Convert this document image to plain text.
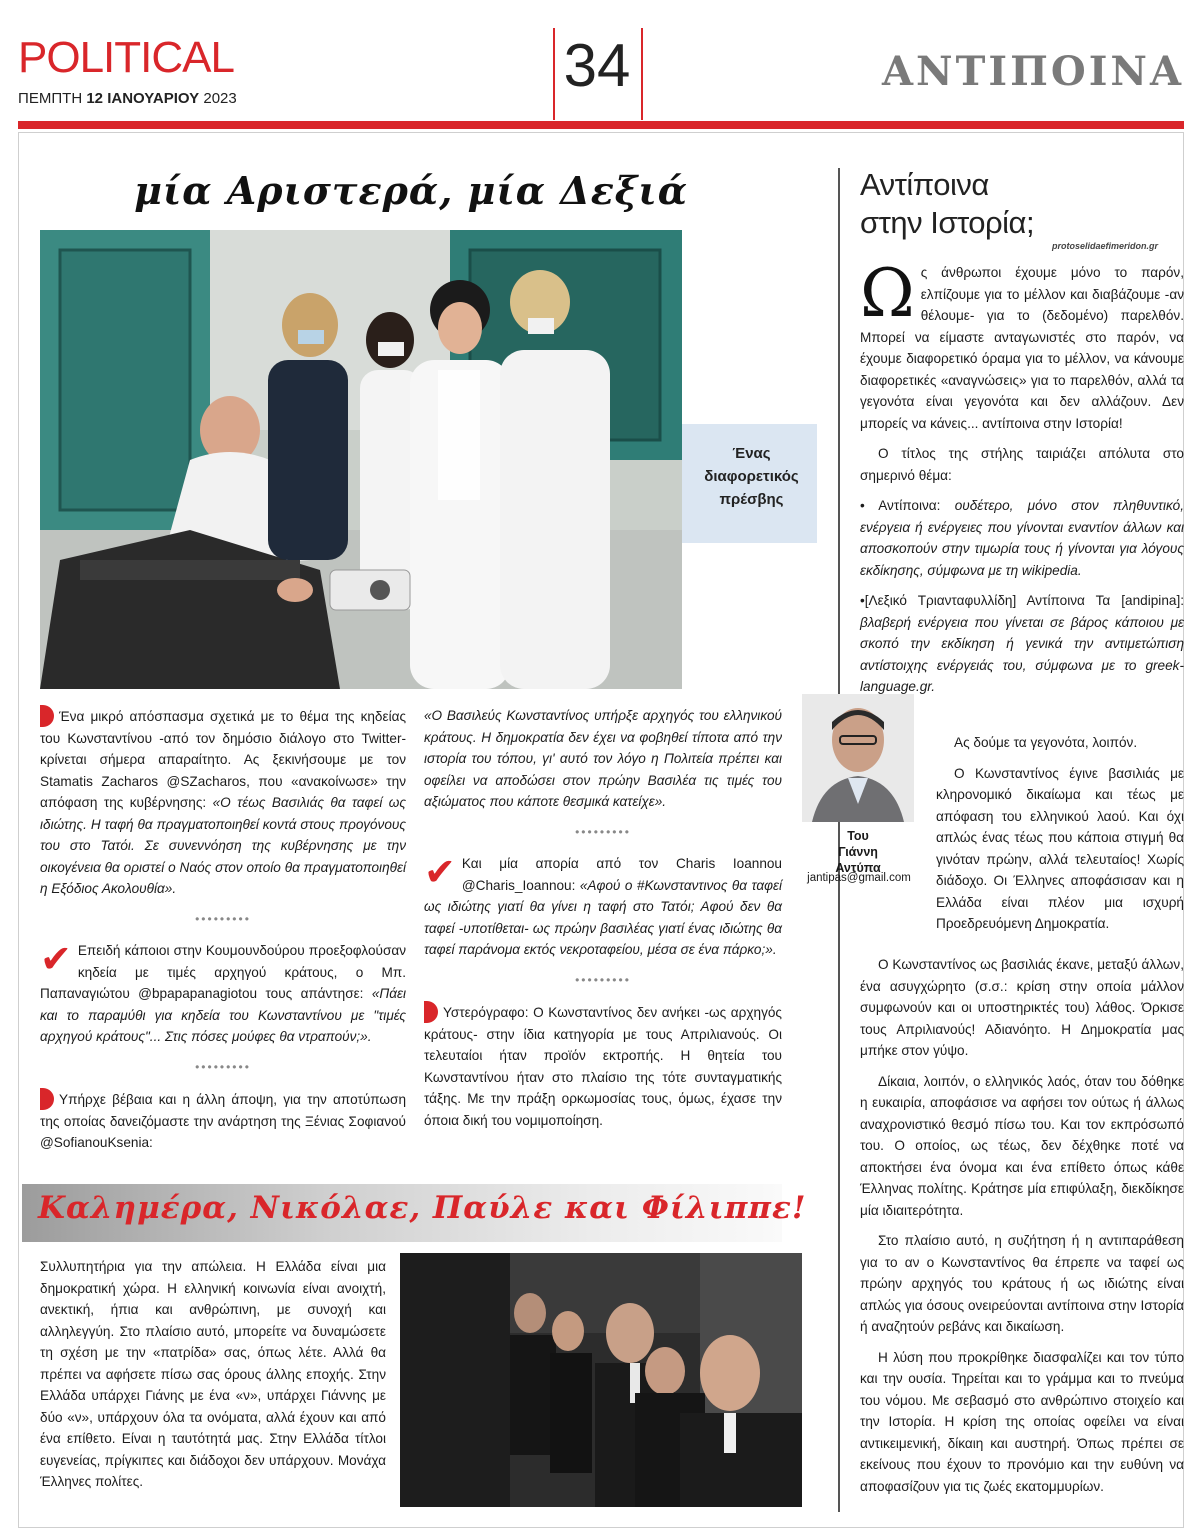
POLITICAL
ΠΕΜΠΤΗ 12 ΙΑΝΟΥΑΡΙΟΥ 2023	34	ΑΝΤΙΠΟΙΝΑ
μία Αριστερά, μία Δεξιά
Ένας διαφορετικός πρέσβης

Ένα μικρό απόσπασμα σχετικά με το θέμα της κηδείας του Κωνσταντίνου -από τον δημόσιο διάλογο στο Twitter- κρίνεται σήμερα απαραίτητο. Ας ξεκινήσουμε με τον Stamatis Zacharos @SZacharos, που «ανακοίνωσε» την απόφαση της κυβέρνησης: «Ο τέως Βασιλιάς θα ταφεί ως ιδιώτης. Η ταφή θα πραγματοποιηθεί κοντά στους προγόνους του στο Τατόι. Σε συνεννόηση της κυβέρνησης με την οικογένεια θα οριστεί ο Ναός στον οποίο θα πραγματοποιηθεί η Εξόδιος Ακολουθία».

•••••••••

✔ Επειδή κάποιοι στην Κουμουνδούρου προεξοφλούσαν κηδεία με τιμές αρχηγού κράτους, ο Μπ. Παπαναγιώτου @bpapapanagiotou τους απάντησε: «Πάει και το παραμύθι για κηδεία του Κωνσταντίνου με "τιμές αρχηγού κράτους"... Στις πόσες μούφες θα ντραπούν;».

•••••••••

Υπήρχε βέβαια και η άλλη άποψη, για την αποτύπωση της οποίας δανειζόμαστε την ανάρτηση της Ξένιας Σοφιανού @SofianouKsenia:

«Ο Βασιλεύς Κωνσταντίνος υπήρξε αρχηγός του ελληνικού κράτους. Η δημοκρατία δεν έχει να φοβηθεί τίποτα από την ιστορία του τόπου, γι' αυτό τον λόγο η Πολιτεία πρέπει και οφείλει να αποδώσει στον πρώην Βασιλέα τις τιμές του αξιώματος που κάποτε θεσμικά κατείχε».

•••••••••

✔ Και μία απορία από τον Charis Ioannou @Charis_Ioannou: «Αφού ο #Κωνσταντινος θα ταφεί ως ιδιώτης γιατί θα γίνει η ταφή στο Τατόι; Αφού δεν θα ταφεί -υποτίθεται- ως πρώην βασιλέας γιατί ένας ιδιώτης θα ταφεί παράνομα εκτός νεκροταφείου, μέσα σε ένα πάρκο;».

•••••••••

Υστερόγραφο: Ο Κωνσταντίνος δεν ανήκει -ως αρχηγός κράτους- στην ίδια κατηγορία με τους Απριλιανούς. Οι τελευταίοι ήταν προϊόν εκτροπής. Η θητεία του Κωνσταντίνου ήταν στο πλαίσιο της τότε συνταγματικής τάξης. Με την πράξη ορκωμοσίας τους, όμως, έχασε την όποια δική του νομιμοποίηση.

Καλημέρα, Νικόλαε, Παύλε και Φίλιππε!

Συλλυπητήρια για την απώλεια. Η Ελλάδα είναι μια δημοκρατική χώρα. Η ελληνική κοινωνία είναι ανοιχτή, ανεκτική, ήπια και ανθρώπινη, με συνοχή και αλληλεγγύη. Στο πλαίσιο αυτό, μπορείτε να δυναμώσετε τη σχέση με την «πατρίδα» σας, όπως λέτε. Αλλά θα πρέπει να αφήσετε πίσω σας όρους άλλης εποχής. Στην Ελλάδα υπάρχει Γιάνης με ένα «ν», υπάρχει Γιάννης με δύο «ν», υπάρχουν όλα τα ονόματα, αλλά έχουν και από ένα επίθετο. Είναι η ταυτότητά μας. Στην Ελλάδα τίτλοι ευγενείας, πρίγκιπες και διάδοχοι δεν υπάρχουν. Μονάχα Έλληνες πολίτες.

Αντίποινα
στην Ιστορία;
protoselidaefimeridon.gr

Ως άνθρωποι έχουμε μόνο το παρόν, ελπίζουμε για το μέλλον και διαβάζουμε -αν θέλουμε- για το (δεδομένο) παρελθόν. Μπορεί να είμαστε ανταγωνιστές στο παρόν, να έχουμε διαφορετικό όραμα για το μέλλον, να κάνουμε διαφορετικές «αναγνώσεις» για το παρελθόν, αλλά τα γεγονότα είναι γεγονότα και δεν αλλάζουν. Δεν μπορείς να κάνεις... αντίποινα στην Ιστορία!

Ο τίτλος της στήλης ταιριάζει απόλυτα στο σημερινό θέμα:

• Αντίποινα: ουδέτερο, μόνο στον πληθυντικό, ενέργεια ή ενέργειες που γίνονται εναντίον άλλων και αποσκοπούν στην τιμωρία τους ή γίνονται για λόγους εκδίκησης, σύμφωνα με τη wikipedia.

•[Λεξικό Τριανταφυλλίδη] Αντίποινα Τα [andipina]: βλαβερή ενέργεια που γίνεται σε βάρος κάποιου με σκοπό την εκδίκηση ή γενικά την αντιμετώπιση αντίστοιχης ενέργειάς του, σύμφωνα με το greek-language.gr.

Του
Γιάννη
Αντύπα
jantipas@gmail.com

Ας δούμε τα γεγονότα, λοιπόν.

Ο Κωνσταντίνος έγινε βασιλιάς με κληρονομικό δικαίωμα και τέως με απόφαση του ελληνικού λαού. Και όχι απλώς ένας τέως που κάποια στιγμή θα γινόταν πρώην, αλλά τελευταίος! Χωρίς διάδοχο. Οι Έλληνες αποφάσισαν και η Ελλάδα είναι πλέον μια ισχυρή Προεδρευόμενη Δημοκρατία.

Ο Κωνσταντίνος ως βασιλιάς έκανε, μεταξύ άλλων, ένα ασυγχώρητο (σ.σ.: κρίση στην οποία μάλλον συμφωνούν και οι υποστηρικτές του) λάθος. Όρκισε τους Απριλιανούς! Αδιανόητο. Η Δημοκρατία μας μπήκε στον γύψο.

Δίκαια, λοιπόν, ο ελληνικός λαός, όταν του δόθηκε η ευκαιρία, αποφάσισε να αφήσει τον ούτως ή άλλως αναχρονιστικό θεσμό πίσω του. Και τον εκπρόσωπό του. Ο οποίος, ως τέως, δεν δέχθηκε ποτέ να αποκτήσει ένα όνομα και ένα επίθετο όπως κάθε Έλληνας πολίτης. Κράτησε μία επιφύλαξη, διεκδίκησε μία ιδιαιτερότητα.

Στο πλαίσιο αυτό, η συζήτηση ή η αντιπαράθεση για το αν ο Κωνσταντίνος θα έπρεπε να ταφεί ως πρώην αρχηγός του κράτους ή ως ιδιώτης είναι απλώς για όσους ονειρεύονται αντίποινα στην Ιστορία ή αναζητούν ρεβάνς και δικαίωση.

Η λύση που προκρίθηκε διασφαλίζει και τον τύπο και την ουσία. Τηρείται και το γράμμα και το πνεύμα του νόμου. Με σεβασμό στο ανθρώπινο στοιχείο και την Ιστορία. Η κρίση της οποίας οφείλει να είναι αντικειμενική, δίκαιη και αυστηρή. Όπως πρέπει σε εκείνους που έχουν το προνόμιο και την ευθύνη να αποφασίζουν για τις ζωές εκατομμυρίων.
